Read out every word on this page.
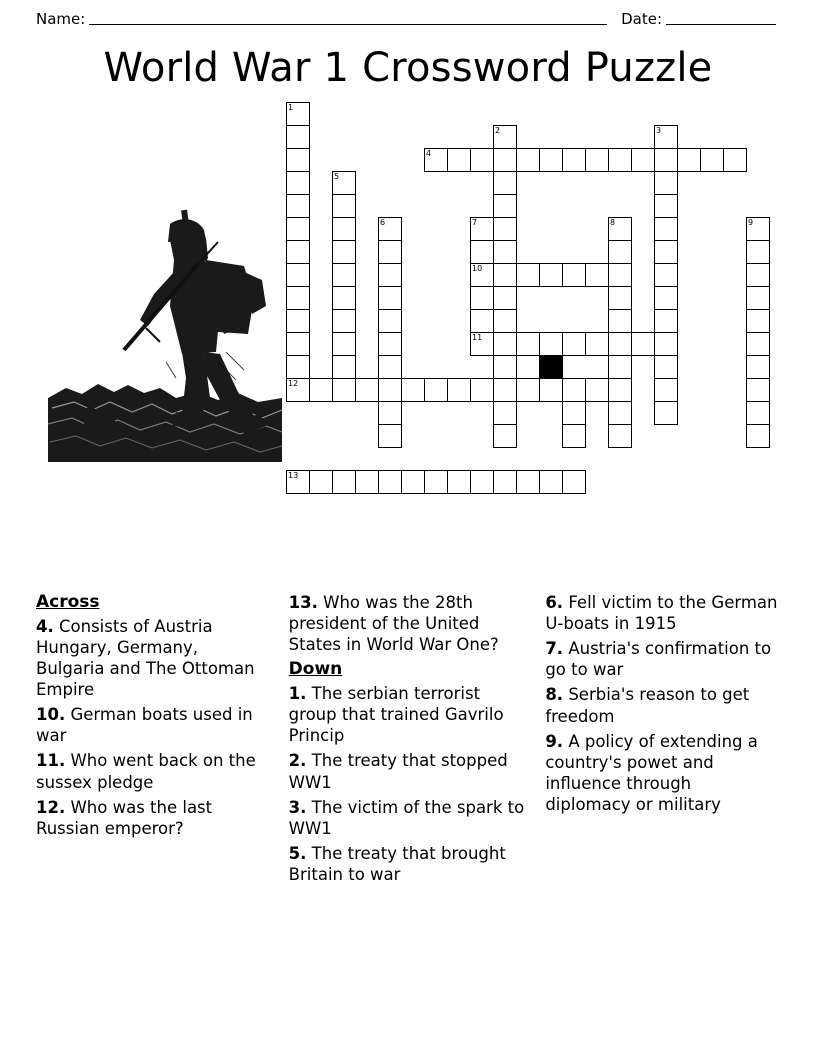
Name:	Date:
World War 1 Crossword Puzzle
1
5
2	3
4
6	7	8	9
10
11
12
13
Across
4. Consists of Austria Hungary, Germany, Bulgaria and The Ottoman Empire
10. German boats used in war
11. Who went back on the sussex pledge
12. Who was the last Russian emperor?
13. Who was the 28th president of the United States in World War One?
Down
1. The serbian terrorist group that trained Gavrilo Princip
2. The treaty that stopped WW1
3. The victim of the spark to WW1
5. The treaty that brought Britain to war
6. Fell victim to the German U-boats in 1915
7. Austria's confirmation to go to war
8. Serbia's reason to get freedom
9. A policy of extending a country's powet and influence through diplomacy or military
